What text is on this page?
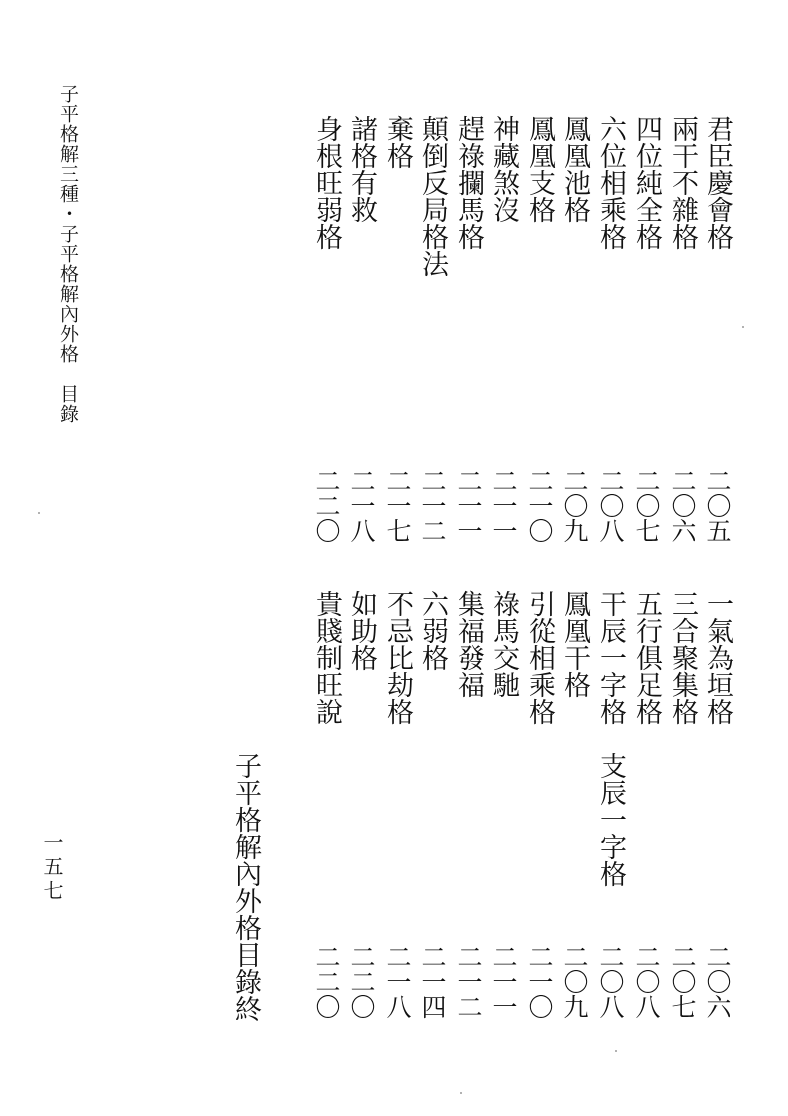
子平格解三種・子平格解內外格　目錄
一五七
君臣慶會格
兩干不雜格
四位純全格
六位相乘格
鳳凰池格
鳳凰支格
神藏煞沒
趕祿攔馬格
顛倒反局格法
棄格
諸格有救
身根旺弱格
二〇五
二〇六
二〇七
二〇八
二〇九
二一〇
二一一
二一一
二一二
二一七
二一八
二二〇
一氣為垣格
三合聚集格
五行俱足格
干辰一字格　支辰一字格
鳳凰干格
引從相乘格
祿馬交馳
集福發福
六弱格
不忌比劫格
如助格
貴賤制旺說
子平格解內外格目錄終	二〇六
二〇七
二〇八
二〇八
二〇九
二一〇
二一一
二一二
二一四
二一八
二二〇
二二〇
